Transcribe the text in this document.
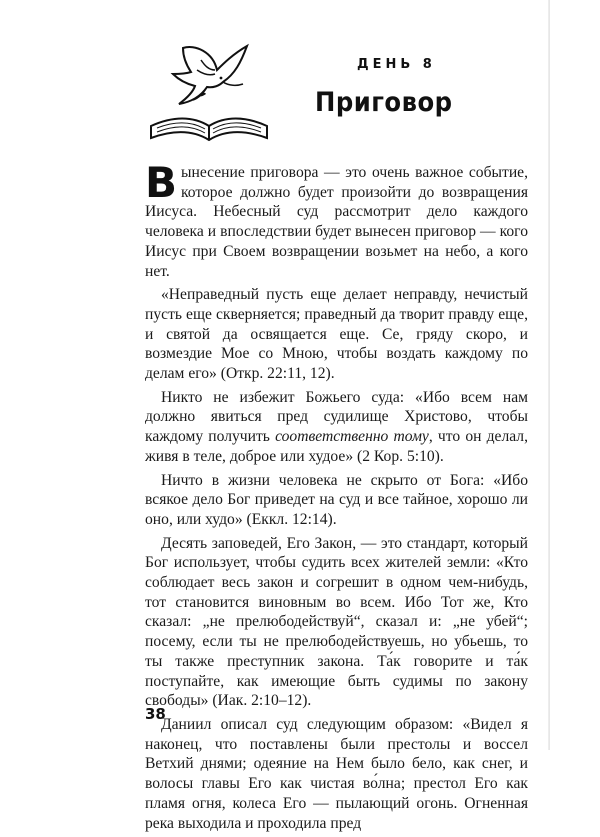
ДЕНЬ 8
Приговор

Вынесение приговора — это очень важное событие, которое должно будет произойти до возвращения Иисуса. Небесный суд рассмотрит дело каждого человека и впоследствии будет вынесен приговор — кого Иисус при Своем возвращении возьмет на небо, а кого нет.

«Неправедный пусть еще делает неправду, нечистый пусть еще скверняется; праведный да творит правду еще, и святой да освящается еще. Се, гряду скоро, и возмездие Мое со Мною, чтобы воздать каждому по делам его» (Откр. 22:11, 12).

Никто не избежит Божьего суда: «Ибо всем нам должно явиться пред судилище Христово, чтобы каждому получить соответственно тому, что он делал, живя в теле, доброе или худое» (2 Кор. 5:10).

Ничто в жизни человека не скрыто от Бога: «Ибо всякое дело Бог приведет на суд и все тайное, хорошо ли оно, или худо» (Еккл. 12:14).

Десять заповедей, Его Закон, — это стандарт, который Бог использует, чтобы судить всех жителей земли: «Кто соблюдает весь закон и согрешит в одном чем-нибудь, тот становится виновным во всем. Ибо Тот же, Кто сказал: „не прелюбодействуй“, сказал и: „не убей“; посему, если ты не прелюбодействуешь, но убьешь, то ты также преступник закона. Та́к говорите и та́к поступайте, как имеющие быть судимы по закону свободы» (Иак. 2:10–12).

Даниил описал суд следующим образом: «Видел я наконец, что поставлены были престолы и воссел Ветхий днями; одеяние на Нем было бело, как снег, и волосы главы Его как чистая во́лна; престол Его как пламя огня, колеса Его — пылающий огонь. Огненная река выходила и проходила пред

38
